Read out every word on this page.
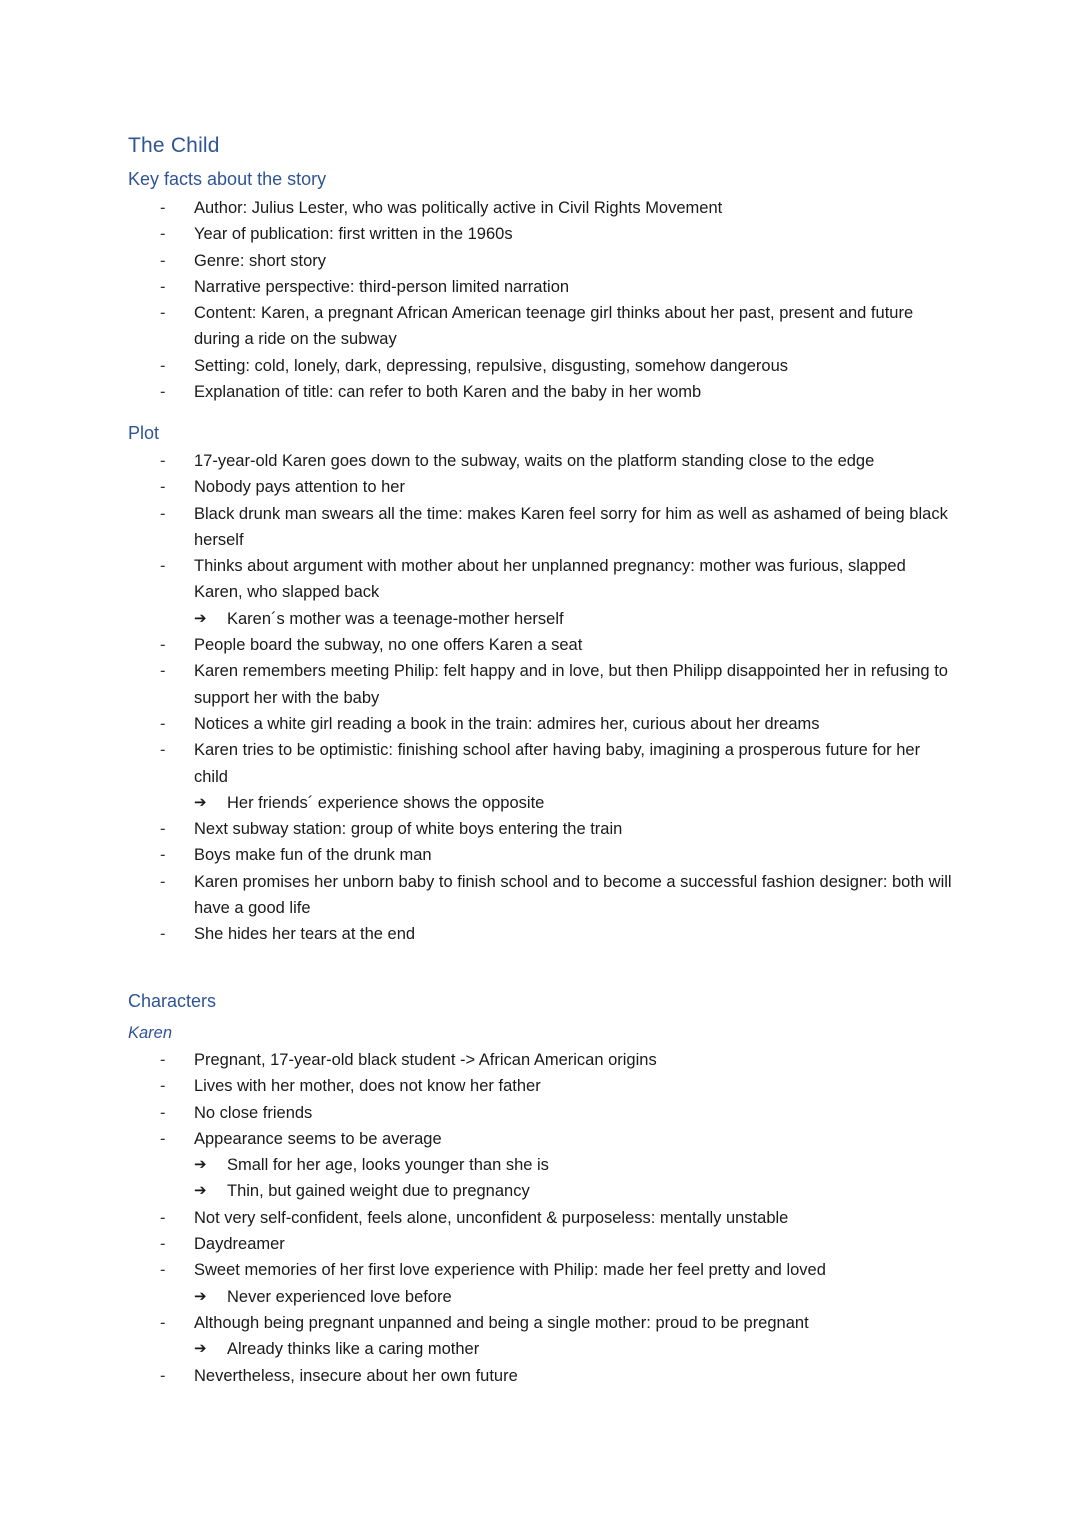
The Child
Key facts about the story
- Author: Julius Lester, who was politically active in Civil Rights Movement
- Year of publication: first written in the 1960s
- Genre: short story
- Narrative perspective: third-person limited narration
- Content: Karen, a pregnant African American teenage girl thinks about her past, present and future during a ride on the subway
- Setting: cold, lonely, dark, depressing, repulsive, disgusting, somehow dangerous
- Explanation of title: can refer to both Karen and the baby in her womb
Plot
- 17-year-old Karen goes down to the subway, waits on the platform standing close to the edge
- Nobody pays attention to her
- Black drunk man swears all the time: makes Karen feel sorry for him as well as ashamed of being black herself
- Thinks about argument with mother about her unplanned pregnancy: mother was furious, slapped Karen, who slapped back
➔ Karen´s mother was a teenage-mother herself
- People board the subway, no one offers Karen a seat
- Karen remembers meeting Philip: felt happy and in love, but then Philipp disappointed her in refusing to support her with the baby
- Notices a white girl reading a book in the train: admires her, curious about her dreams
- Karen tries to be optimistic: finishing school after having baby, imagining a prosperous future for her child
➔ Her friends´ experience shows the opposite
- Next subway station: group of white boys entering the train
- Boys make fun of the drunk man
- Karen promises her unborn baby to finish school and to become a successful fashion designer: both will have a good life
- She hides her tears at the end
Characters
Karen
- Pregnant, 17-year-old black student -> African American origins
- Lives with her mother, does not know her father
- No close friends
- Appearance seems to be average
➔ Small for her age, looks younger than she is
➔ Thin, but gained weight due to pregnancy
- Not very self-confident, feels alone, unconfident & purposeless: mentally unstable
- Daydreamer
- Sweet memories of her first love experience with Philip: made her feel pretty and loved
➔ Never experienced love before
- Although being pregnant unpanned and being a single mother: proud to be pregnant
➔ Already thinks like a caring mother
- Nevertheless, insecure about her own future
